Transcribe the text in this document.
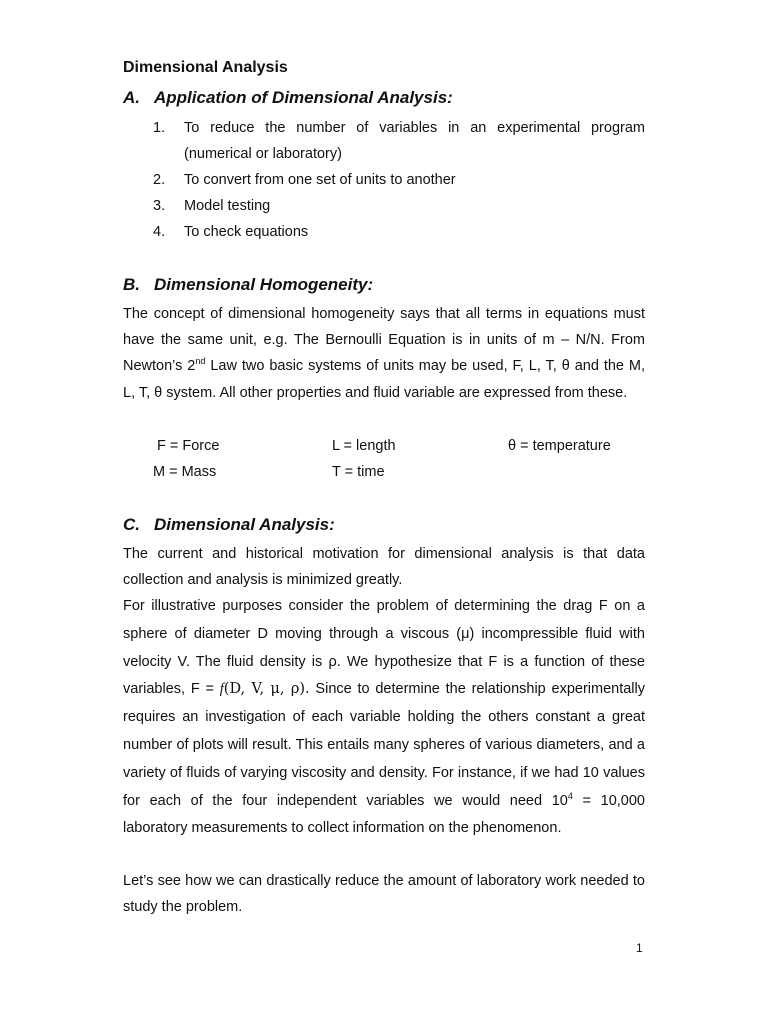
Dimensional Analysis
A. Application of Dimensional Analysis:
1. To reduce the number of variables in an experimental program (numerical or laboratory)
2. To convert from one set of units to another
3. Model testing
4. To check equations
B. Dimensional Homogeneity:

The concept of dimensional homogeneity says that all terms in equations must have the same unit, e.g. The Bernoulli Equation is in units of m – N/N. From Newton’s 2nd Law two basic systems of units may be used, F, L, T, θ and the M, L, T, θ system. All other properties and fluid variable are expressed from these.

F = Force	L = length	θ = temperature
M = Mass	T = time
C. Dimensional Analysis:

The current and historical motivation for dimensional analysis is that data collection and analysis is minimized greatly.

For illustrative purposes consider the problem of determining the drag F on a sphere of diameter D moving through a viscous (μ) incompressible fluid with velocity V. The fluid density is ρ. We hypothesize that F is a function of these variables, F = f(D, V, μ, ρ). Since to determine the relationship experimentally requires an investigation of each variable holding the others constant a great number of plots will result. This entails many spheres of various diameters, and a variety of fluids of varying viscosity and density. For instance, if we had 10 values for each of the four independent variables we would need $10^4 = 10,000$ laboratory measurements to collect information on the phenomenon.

Let’s see how we can drastically reduce the amount of laboratory work needed to study the problem.

1
